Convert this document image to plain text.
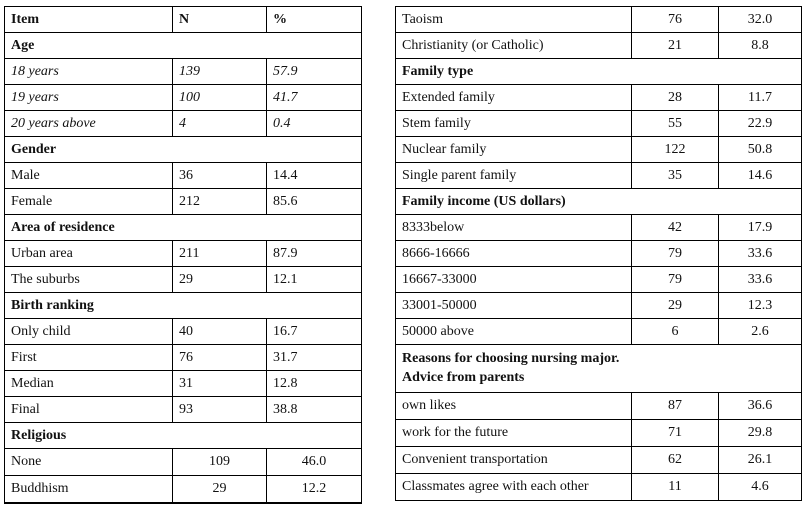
Item	N	%
Age		
18 years	139	57.9
19 years	100	41.7
20 years above	4	0.4
Gender		
Male	36	14.4
Female	212	85.6
Area of residence		
Urban area	211	87.9
The suburbs	29	12.1
Birth ranking		
Only child	40	16.7
First	76	31.7
Median	31	12.8
Final	93	38.8
Religious		
None	109	46.0
Buddhism	29	12.2
Taoism	76	32.0
Christianity (or Catholic)	21	8.8
Family type		
Extended family	28	11.7
Stem family	55	22.9
Nuclear family	122	50.8
Single parent family	35	14.6
Family income (US dollars)		
8333below	42	17.9
8666-16666	79	33.6
16667-33000	79	33.6
33001-50000	29	12.3
50000 above	6	2.6

Reasons for choosing nursing major.
Advice from parents		

own likes	87	36.6
work for the future	71	29.8
Convenient transportation	62	26.1
Classmates agree with each other	11	4.6
